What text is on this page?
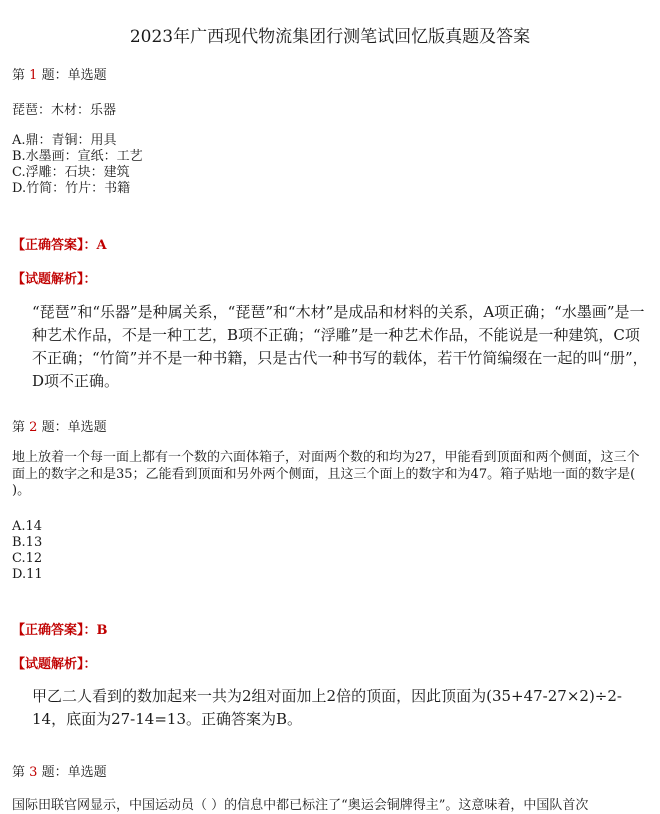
2023年广西现代物流集团行测笔试回忆版真题及答案
第 1 题：单选题
琵琶：木材：乐器
A.鼎：青铜：用具
B.水墨画：宣纸：工艺
C.浮雕：石块：建筑
D.竹简：竹片：书籍
【正确答案】：A
【试题解析】：
“琵琶”和“乐器”是种属关系，“琵琶”和“木材”是成品和材料的关系，A项正确；“水墨画”是一种艺术作品，不是一种工艺，B项不正确；“浮雕”是一种艺术作品，不能说是一种建筑，C项不正确；“竹简”并不是一种书籍，只是古代一种书写的载体，若干竹简编缀在一起的叫“册”，D项不正确。
第 2 题：单选题
地上放着一个每一面上都有一个数的六面体箱子，对面两个数的和均为27，甲能看到顶面和两个侧面，这三个面上的数字之和是35；乙能看到顶面和另外两个侧面，且这三个面上的数字和为47。箱子贴地一面的数字是( )。
A.14
B.13
C.12
D.11
【正确答案】：B
【试题解析】：
甲乙二人看到的数加起来一共为2组对面加上2倍的顶面，因此顶面为(35+47-27×2)÷2-14，底面为27-14=13。正确答案为B。
第 3 题：单选题
国际田联官网显示，中国运动员（ ）的信息中都已标注了“奥运会铜牌得主”。这意味着，中国队首次
